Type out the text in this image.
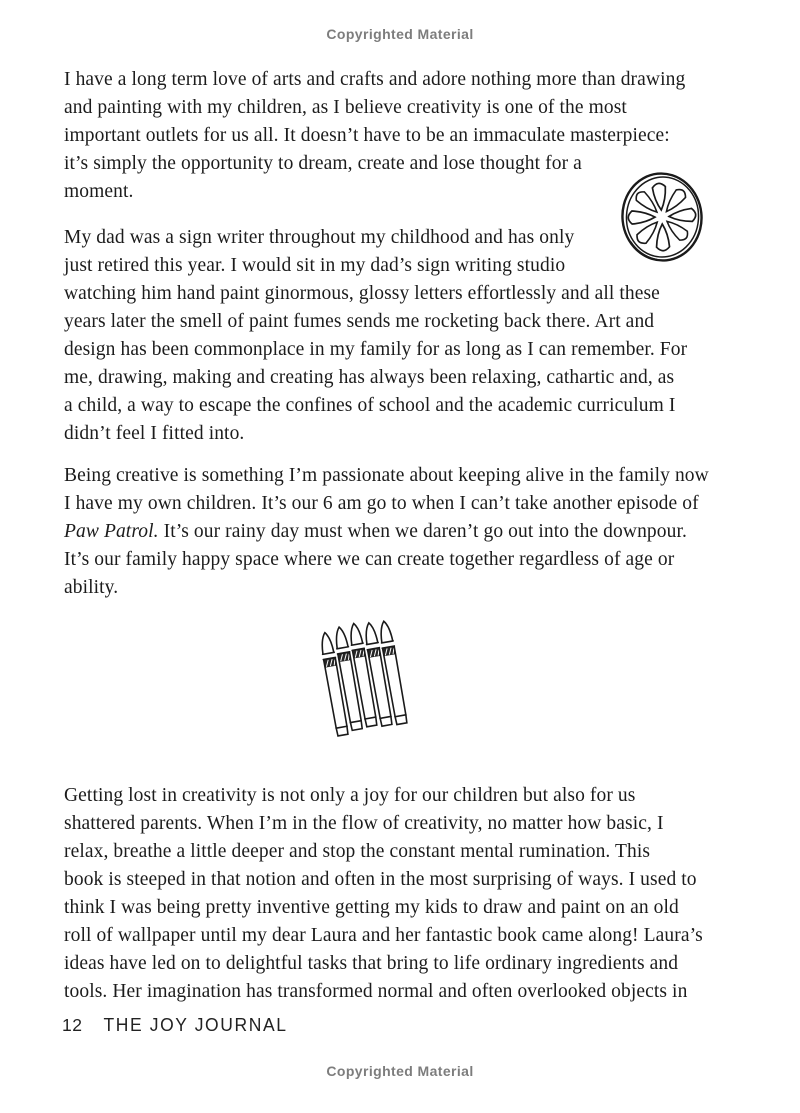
Copyrighted Material
I have a long term love of arts and crafts and adore nothing more than drawing
and painting with my children, as I believe creativity is one of the most
important outlets for us all. It doesn’t have to be an immaculate masterpiece:
it’s simply the opportunity to dream, create and lose thought for a
moment.
My dad was a sign writer throughout my childhood and has only
just retired this year. I would sit in my dad’s sign writing studio
watching him hand paint ginormous, glossy letters effortlessly and all these
years later the smell of paint fumes sends me rocketing back there. Art and
design has been commonplace in my family for as long as I can remember. For
me, drawing, making and creating has always been relaxing, cathartic and, as
a child, a way to escape the confines of school and the academic curriculum I
didn’t feel I fitted into.
Being creative is something I’m passionate about keeping alive in the family now
I have my own children. It’s our 6 am go to when I can’t take another episode of
Paw Patrol. It’s our rainy day must when we daren’t go out into the downpour.
It’s our family happy space where we can create together regardless of age or
ability.
Getting lost in creativity is not only a joy for our children but also for us
shattered parents. When I’m in the flow of creativity, no matter how basic, I
relax, breathe a little deeper and stop the constant mental rumination. This
book is steeped in that notion and often in the most surprising of ways. I used to
think I was being pretty inventive getting my kids to draw and paint on an old
roll of wallpaper until my dear Laura and her fantastic book came along! Laura’s
ideas have led on to delightful tasks that bring to life ordinary ingredients and
tools. Her imagination has transformed normal and often overlooked objects in
12 THE JOY JOURNAL
Copyrighted Material
